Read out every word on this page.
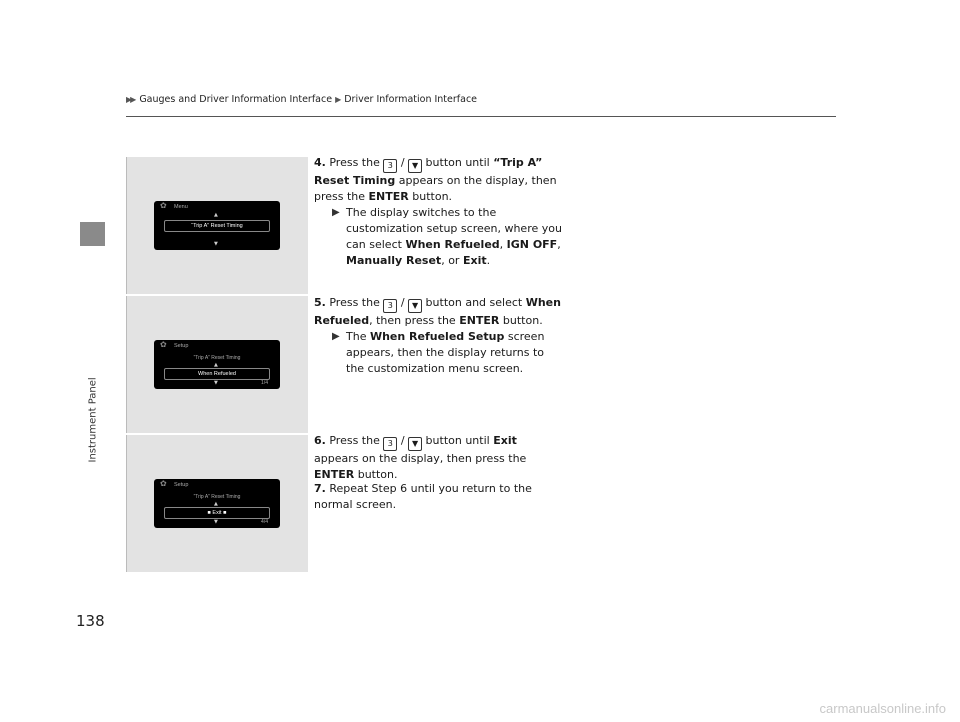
Instrument Panel
138
▶▶ Gauges and Driver Information Interface ▶ Driver Information Interface
✿ Menu
▲
“Trip A” Reset Timing
▼
✿ Setup
“Trip A” Reset Timing
▲
When Refueled
▼	1/4
✿ Setup
“Trip A” Reset Timing
▲
■ Exit ■
▼	4/4
4. Press the 3 / ▼ button until “Trip A” Reset Timing appears on the display, then press the ENTER button.
▶ The display switches to the customization setup screen, where you can select When Refueled, IGN OFF, Manually Reset, or Exit.
5. Press the 3 / ▼ button and select When Refueled, then press the ENTER button.
▶ The When Refueled Setup screen appears, then the display returns to the customization menu screen.
6. Press the 3 / ▼ button until Exit appears on the display, then press the ENTER button.
7. Repeat Step 6 until you return to the normal screen.
carmanualsonline.info
